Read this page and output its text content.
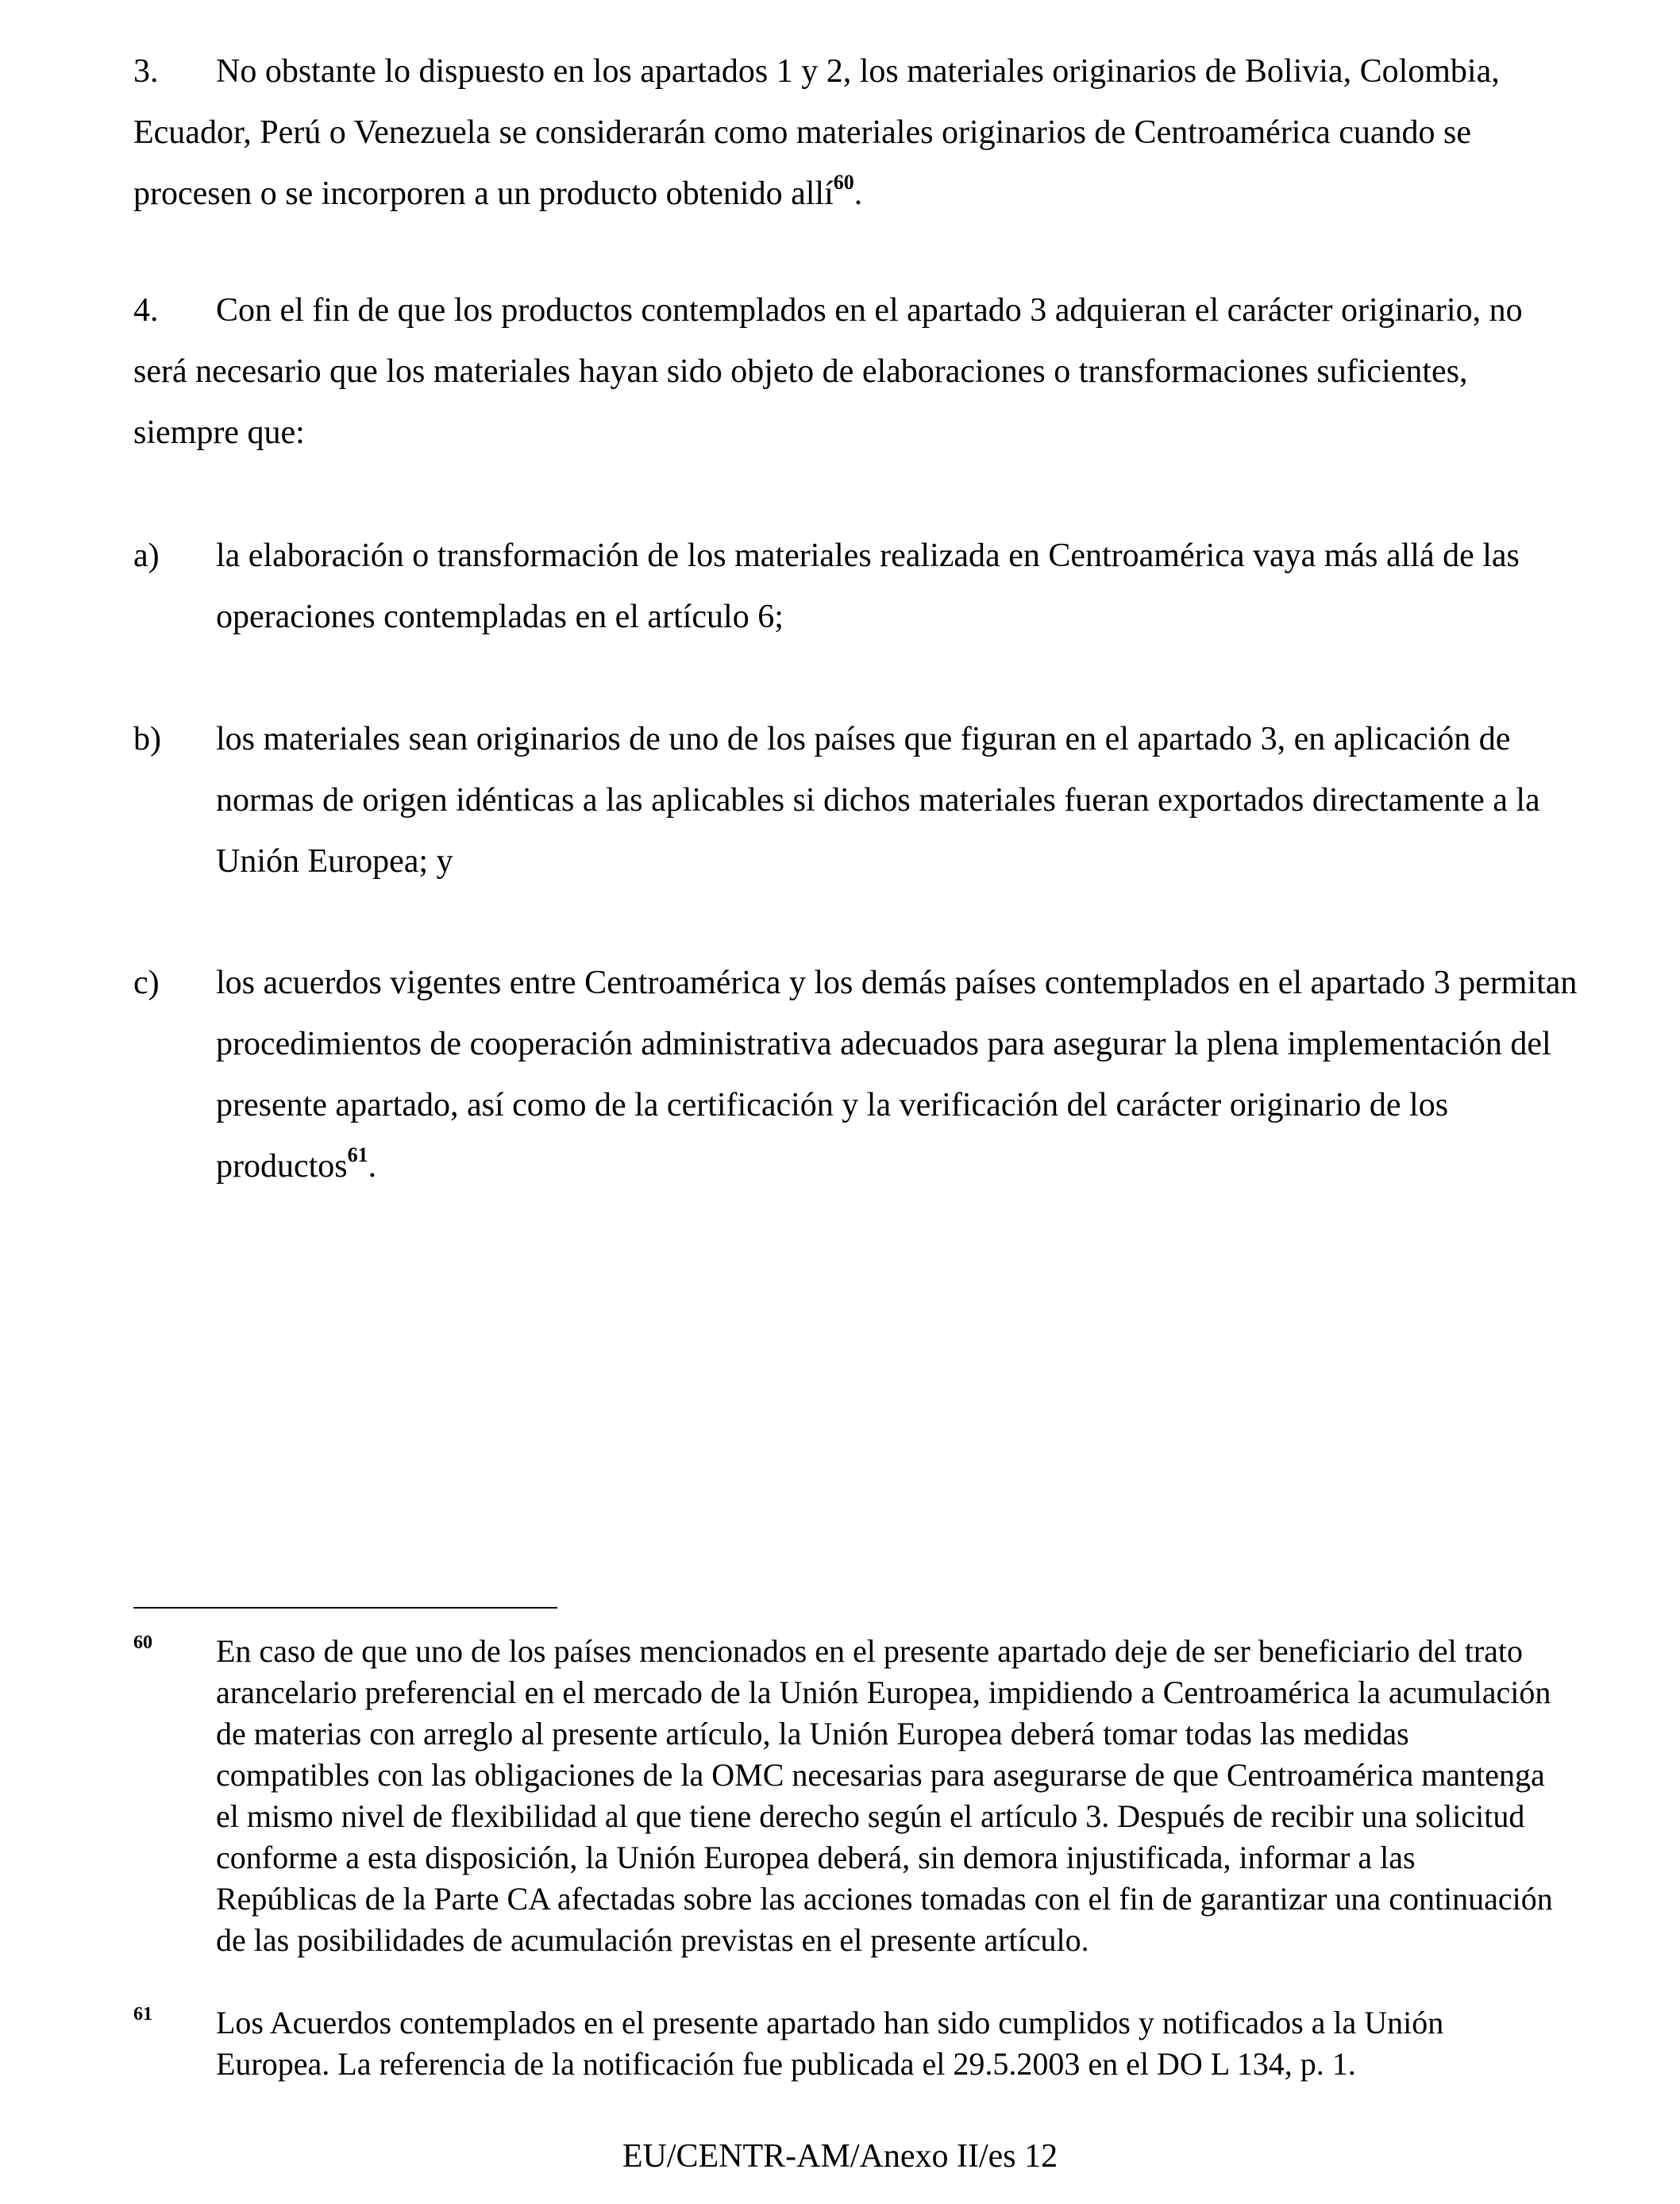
3. No obstante lo dispuesto en los apartados 1 y 2, los materiales originarios de Bolivia, Colombia, Ecuador, Perú o Venezuela se considerarán como materiales originarios de Centroamérica cuando se procesen o se incorporen a un producto obtenido allí$^{60}$.
4. Con el fin de que los productos contemplados en el apartado 3 adquieran el carácter originario, no será necesario que los materiales hayan sido objeto de elaboraciones o transformaciones suficientes, siempre que:
a)	la elaboración o transformación de los materiales realizada en Centroamérica vaya más allá de las operaciones contempladas en el artículo 6;
b)	los materiales sean originarios de uno de los países que figuran en el apartado 3, en aplicación de normas de origen idénticas a las aplicables si dichos materiales fueran exportados directamente a la Unión Europea; y
c)	los acuerdos vigentes entre Centroamérica y los demás países contemplados en el apartado 3 permitan procedimientos de cooperación administrativa adecuados para asegurar la plena implementación del presente apartado, así como de la certificación y la verificación del carácter originario de los productos$^{61}$.
60 En caso de que uno de los países mencionados en el presente apartado deje de ser beneficiario del trato arancelario preferencial en el mercado de la Unión Europea, impidiendo a Centroamérica la acumulación de materias con arreglo al presente artículo, la Unión Europea deberá tomar todas las medidas compatibles con las obligaciones de la OMC necesarias para asegurarse de que Centroamérica mantenga el mismo nivel de flexibilidad al que tiene derecho según el artículo 3. Después de recibir una solicitud conforme a esta disposición, la Unión Europea deberá, sin demora injustificada, informar a las Repúblicas de la Parte CA afectadas sobre las acciones tomadas con el fin de garantizar una continuación de las posibilidades de acumulación previstas en el presente artículo.
61 Los Acuerdos contemplados en el presente apartado han sido cumplidos y notificados a la Unión Europea. La referencia de la notificación fue publicada el 29.5.2003 en el DO L 134, p. 1.
EU/CENTR-AM/Anexo II/es 12
